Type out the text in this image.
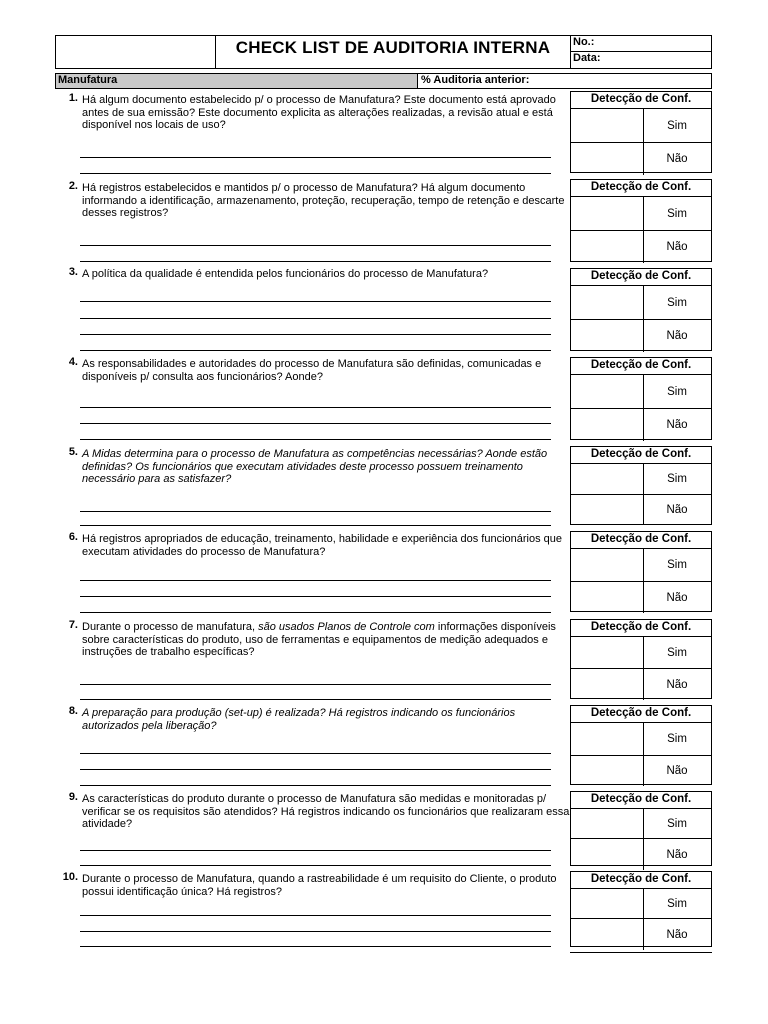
CHECK LIST DE AUDITORIA INTERNA	No.:
Data:
Manufatura	% Auditoria anterior:
1. Há algum documento estabelecido p/ o processo de Manufatura? Este documento está aprovado antes de sua emissão? Este documento explicita as alterações realizadas, a revisão atual e está disponível nos locais de uso?
Detecção de Conf.
Sim
Não
2. Há registros estabelecidos e mantidos p/ o processo de Manufatura? Há algum documento informando a identificação, armazenamento, proteção, recuperação, tempo de retenção e descarte desses registros?
Detecção de Conf.
Sim
Não
3. A política da qualidade é entendida pelos funcionários do processo de Manufatura?	Detecção de Conf.
Sim
Não
4. As responsabilidades e autoridades do processo de Manufatura são definidas, comunicadas e disponíveis p/ consulta aos funcionários? Aonde?
Detecção de Conf.
Sim
Não
5. A Midas determina para o processo de Manufatura as competências necessárias? Aonde estão definidas? Os funcionários que executam atividades deste processo possuem treinamento necessário para as satisfazer?
Detecção de Conf.
Sim
Não
6. Há registros apropriados de educação, treinamento, habilidade e experiência dos funcionários que executam atividades do processo de Manufatura?
Detecção de Conf.
Sim
Não
7. Durante o processo de manufatura, são usados Planos de Controle com informações disponíveis sobre características do produto, uso de ferramentas e equipamentos de medição adequados e instruções de trabalho específicas?
Detecção de Conf.
Sim
Não
8. A preparação para produção (set-up) é realizada? Há registros indicando os funcionários autorizados pela liberação?
Detecção de Conf.
Sim
Não
9. As características do produto durante o processo de Manufatura são medidas e monitoradas p/ verificar se os requisitos são atendidos? Há registros indicando os funcionários que realizaram essa atividade?
Detecção de Conf.
Sim
Não
10. Durante o processo de Manufatura, quando a rastreabilidade é um requisito do Cliente, o produto possui identificação única? Há registros?
Detecção de Conf.
Sim
Não
